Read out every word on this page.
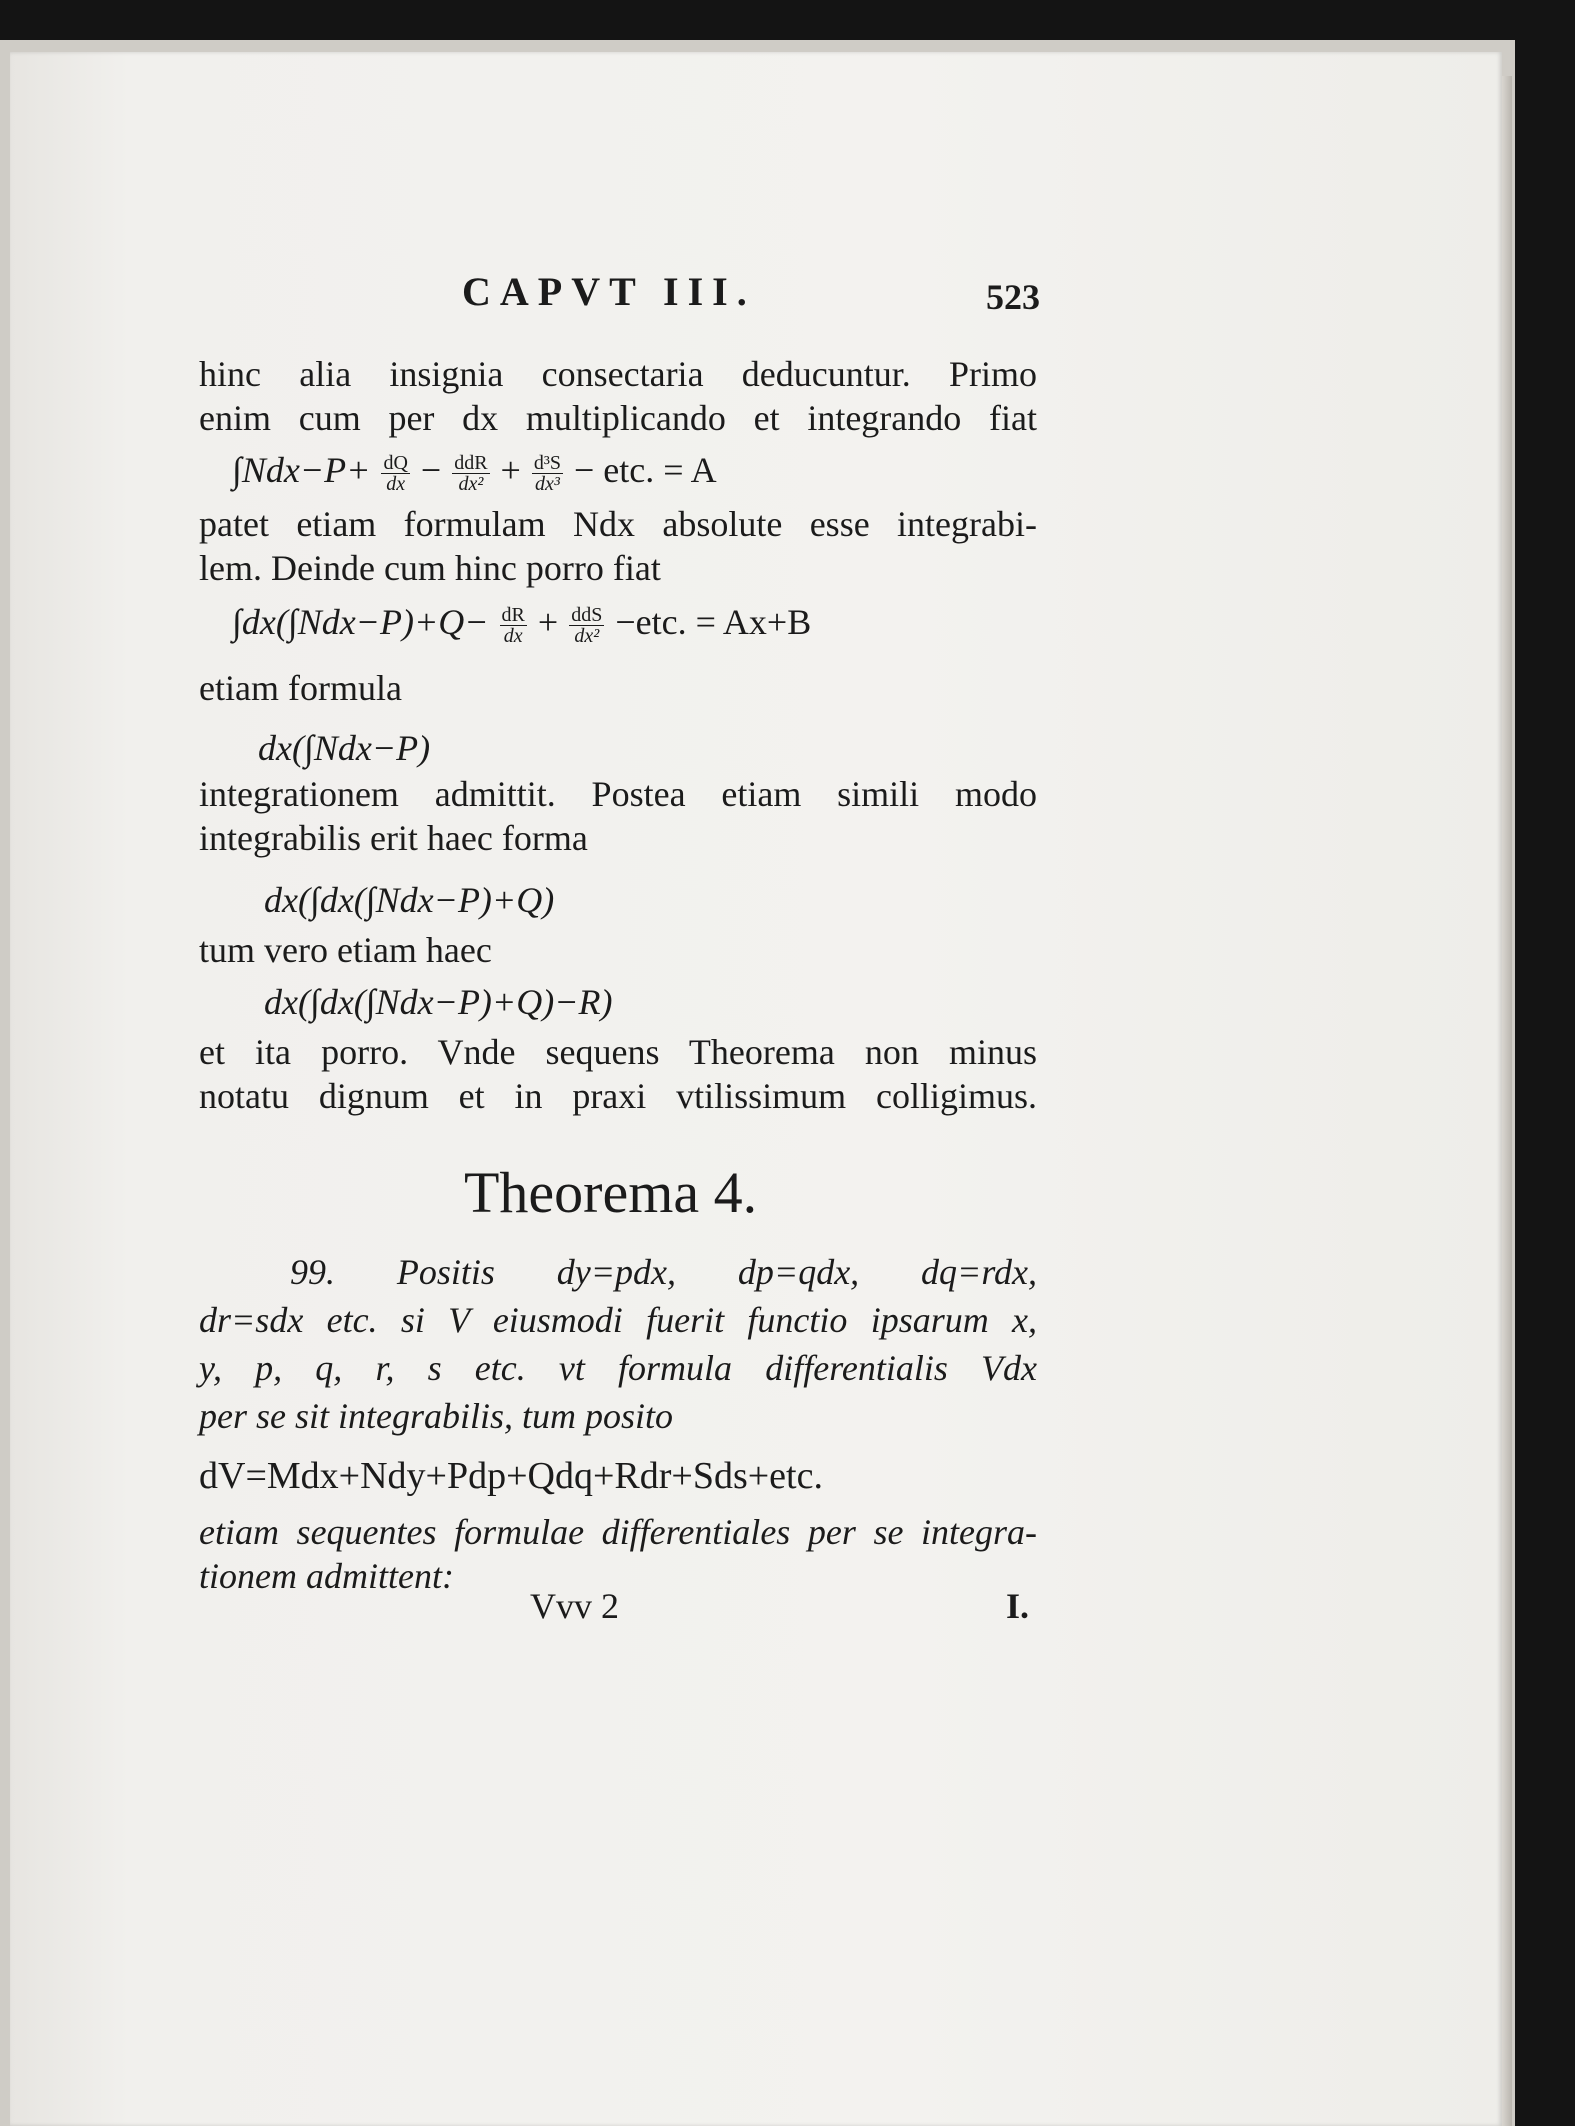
CAPVT III.	523
hinc alia insignia consectaria deducuntur. Primo
enim cum per dx multiplicando et integrando fiat
$\int Ndx-P+ \frac{dQ}{dx} - \frac{\text{ddR}}{\text{dx²}} + \frac{\text{d³S}}{\text{dx³}}$ − etc. = A
patet etiam formulam Ndx absolute esse integrabi-
lem. Deinde cum hinc porro fiat
$\int dx(\int Ndx-P)+Q- \frac{dR}{dx} + \frac{\text{ddS}}{\text{dx²}} -etc$. = Ax+B
etiam formula
dx(∫Ndx−P)
integrationem admittit. Postea etiam simili modo
integrabilis erit haec forma
dx(∫dx(∫Ndx−P)+Q)
tum vero etiam haec
dx(∫dx(∫Ndx−P)+Q)−R)
et ita porro. Vnde sequens Theorema non minus
notatu dignum et in praxi vtilissimum colligimus.
Theorema 4.
99. Positis dy=pdx, dp=qdx, dq=rdx,
dr=sdx etc. si V eiusmodi fuerit functio ipsarum x,
y, p, q, r, s etc. vt formula differentialis Vdx
per se sit integrabilis, tum posito
dV=Mdx+Ndy+Pdp+Qdq+Rdr+Sds+etc.
etiam sequentes formulae differentiales per se integra-
tionem admittent:
Vvv 2	I.
